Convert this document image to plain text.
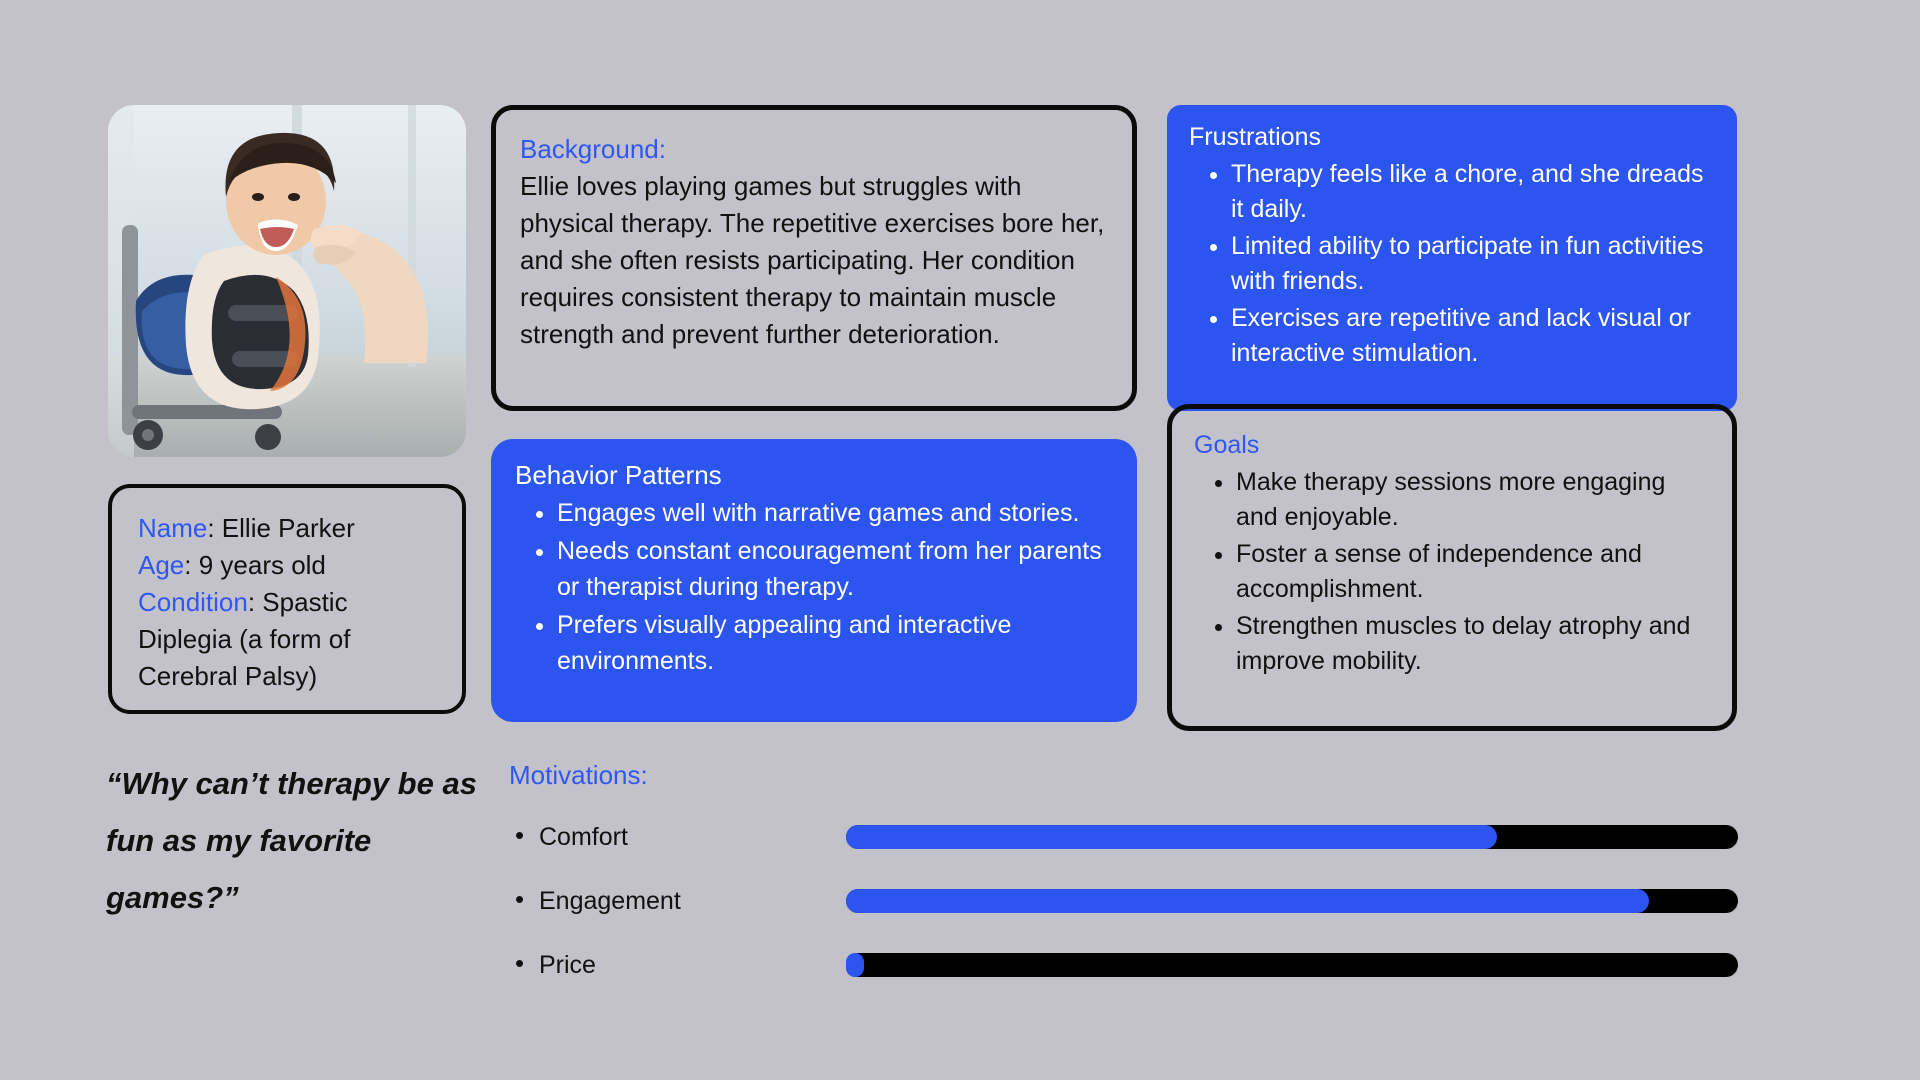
Name: Ellie Parker
Age: 9 years old
Condition: Spastic Diplegia (a form of Cerebral Palsy)
“Why can’t therapy be as fun as my favorite games?”
Background:
Ellie loves playing games but struggles with physical therapy. The repetitive exercises bore her, and she often resists participating. Her condition requires consistent therapy to maintain muscle strength and prevent further deterioration.
Behavior Patterns
• Engages well with narrative games and stories.
• Needs constant encouragement from her parents or therapist during therapy.
• Prefers visually appealing and interactive environments.
Frustrations
• Therapy feels like a chore, and she dreads it daily.
• Limited ability to participate in fun activities with friends.
• Exercises are repetitive and lack visual or interactive stimulation.
Goals
• Make therapy sessions more engaging and enjoyable.
• Foster a sense of independence and accomplishment.
• Strengthen muscles to delay atrophy and improve mobility.
Motivations:
• Comfort
• Engagement
• Price
